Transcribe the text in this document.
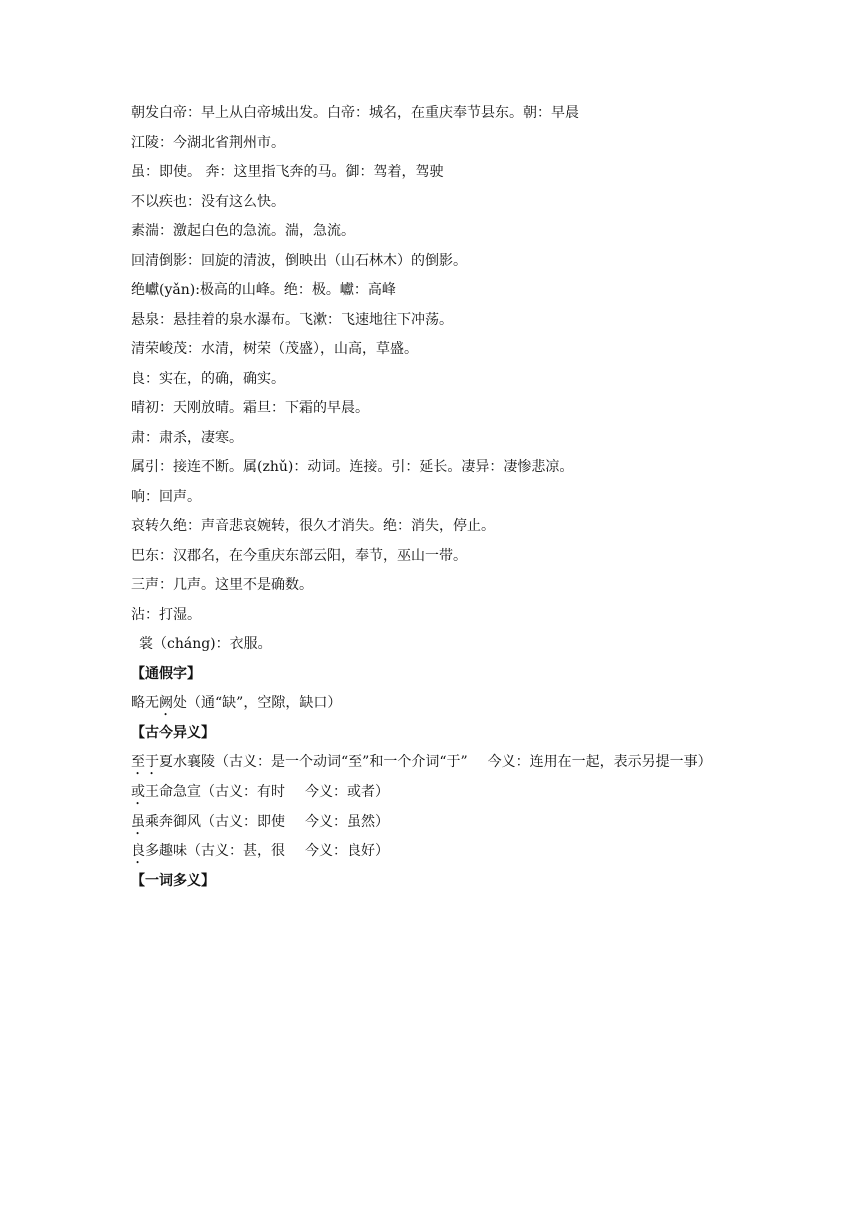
朝发白帝：早上从白帝城出发。白帝：城名，在重庆奉节县东。朝：早晨
江陵：今湖北省荆州市。
虽：即使。 奔：这里指飞奔的马。御：驾着，驾驶
不以疾也：没有这么快。
素湍：激起白色的急流。湍，急流。
回清倒影：回旋的清波，倒映出（山石林木）的倒影。
绝巘(yǎn):极高的山峰。绝：极。巘：高峰
悬泉：悬挂着的泉水瀑布。飞漱：飞速地往下冲荡。
清荣峻茂：水清，树荣（茂盛），山高，草盛。
良：实在，的确，确实。
晴初：天刚放晴。霜旦：下霜的早晨。
肃：肃杀，凄寒。
属引：接连不断。属(zhǔ)：动词。连接。引：延长。凄异：凄惨悲凉。
响：回声。
哀转久绝：声音悲哀婉转，很久才消失。绝：消失，停止。
巴东：汉郡名，在今重庆东部云阳，奉节，巫山一带。
三声：几声。这里不是确数。
沾：打湿。
裳（cháng)：衣服。
【通假字】
略无阙处（通“缺”，空隙，缺口）
【古今异义】
至于夏水襄陵（古义：是一个动词“至”和一个介词“于” 今义：连用在一起，表示另提一事）
或王命急宣（古义：有时 今义：或者）
虽乘奔御风（古义：即使 今义：虽然）
良多趣味（古义：甚，很 今义：良好）
【一词多义】
